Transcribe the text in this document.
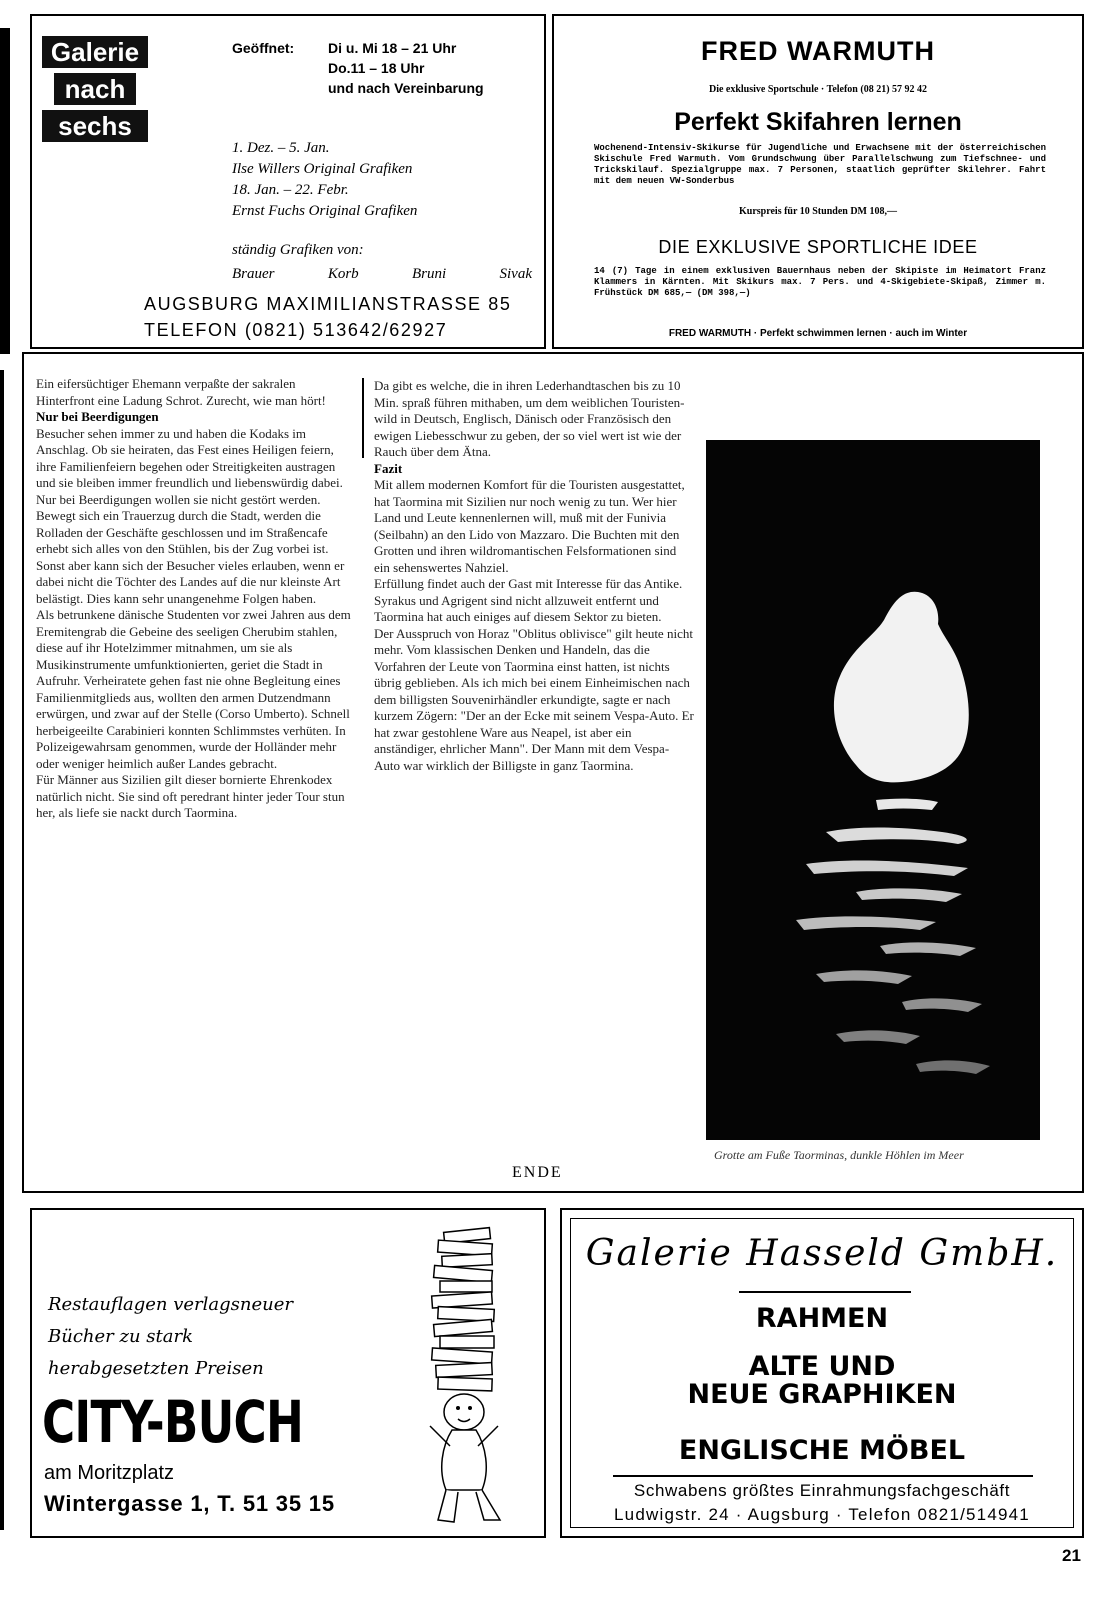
Galerie
nach
sechs
Geöffnet:	Di u. Mi 18 – 21 Uhr
Do.11 – 18 Uhr
und nach Vereinbarung
1. Dez. – 5. Jan.
Ilse Willers Original Grafiken
18. Jan. – 22. Febr.
Ernst Fuchs Original Grafiken
ständig Grafiken von:
Brauer	Korb	Bruni	Sivak
AUGSBURG MAXIMILIANSTRASSE 85
TELEFON (0821) 513642/62927
FRED WARMUTH
Die exklusive Sportschule · Telefon (08 21) 57 92 42
Perfekt Skifahren lernen
Wochenend-Intensiv-Skikurse für Jugendliche und Erwachsene mit der österreichischen Skischule Fred Warmuth. Vom Grundschwung über Parallelschwung zum Tiefschnee- und Trickskilauf. Spezialgruppe max. 7 Personen, staatlich geprüfter Skilehrer. Fahrt mit dem neuen VW-Sonderbus
Kurspreis für 10 Stunden DM 108,—
DIE EXKLUSIVE SPORTLICHE IDEE
14 (7) Tage in einem exklusiven Bauernhaus neben der Skipiste im Heimatort Franz Klammers in Kärnten. Mit Skikurs max. 7 Pers. und 4-Skigebiete-Skipaß, Zimmer m. Frühstück DM 685,— (DM 398,—)
FRED WARMUTH · Perfekt schwimmen lernen · auch im Winter

Ein eifersüchtiger Ehemann verpaßte der sakralen Hinterfront eine Ladung Schrot. Zurecht, wie man hört!

Nur bei Beerdigungen

Besucher sehen immer zu und haben die Kodaks im Anschlag. Ob sie heiraten, das Fest eines Heiligen feiern, ihre Familienfeiern begehen oder Streitigkeiten austragen und sie bleiben immer freundlich und liebenswürdig dabei. Nur bei Beerdigungen wollen sie nicht gestört werden. Bewegt sich ein Trauerzug durch die Stadt, werden die Rolladen der Geschäfte geschlossen und im Straßencafe erhebt sich alles von den Stühlen, bis der Zug vorbei ist. Sonst aber kann sich der Besucher vieles erlauben, wenn er dabei nicht die Töchter des Landes auf die nur kleinste Art belästigt. Dies kann sehr unangenehme Folgen haben.

Als betrunkene dänische Studenten vor zwei Jahren aus dem Eremitengrab die Gebeine des seeligen Cherubim stahlen, diese auf ihr Hotelzimmer mitnahmen, um sie als Musikinstrumente umfunktionierten, geriet die Stadt in Aufruhr. Verheiratete gehen fast nie ohne Begleitung eines Familienmitglieds aus, wollten den armen Dutzendmann erwürgen, und zwar auf der Stelle (Corso Umberto). Schnell herbeigeeilte Carabinieri konnten Schlimmstes verhüten. In Polizeigewahrsam genommen, wurde der Holländer mehr oder weniger heimlich außer Landes gebracht.

Für Männer aus Sizilien gilt dieser bornierte Ehrenkodex natürlich nicht. Sie sind oft peredrant hinter jeder Tour stun her, als liefe sie nackt durch Taormina.

Da gibt es welche, die in ihren Lederhandtaschen bis zu 10 Min. spraß führen mithaben, um dem weiblichen Touristen-wild in Deutsch, Englisch, Dänisch oder Französisch den ewigen Liebesschwur zu geben, der so viel wert ist wie der Rauch über dem Ätna.

Fazit

Mit allem modernen Komfort für die Touristen ausgestattet, hat Taormina mit Sizilien nur noch wenig zu tun. Wer hier Land und Leute kennenlernen will, muß mit der Funivia (Seilbahn) an den Lido von Mazzaro. Die Buchten mit den Grotten und ihren wildromantischen Felsformationen sind ein sehenswertes Nahziel.

Erfüllung findet auch der Gast mit Interesse für das Antike. Syrakus und Agrigent sind nicht allzuweit entfernt und Taormina hat auch einiges auf diesem Sektor zu bieten.

Der Ausspruch von Horaz "Oblitus oblivisce" gilt heute nicht mehr. Vom klassischen Denken und Handeln, das die Vorfahren der Leute von Taormina einst hatten, ist nichts übrig geblieben. Als ich mich bei einem Einheimischen nach dem billigsten Souvenirhändler erkundigte, sagte er nach kurzem Zögern: "Der an der Ecke mit seinem Vespa-Auto. Er hat zwar gestohlene Ware aus Neapel, ist aber ein anständiger, ehrlicher Mann". Der Mann mit dem Vespa-Auto war wirklich der Billigste in ganz Taormina.

ENDE
Grotte am Fuße Taorminas, dunkle Höhlen im Meer
Restauflagen verlagsneuer
Bücher zu stark
herabgesetzten Preisen
CITY-BUCH
am Moritzplatz
Wintergasse 1, T. 51 35 15
Galerie Hasseld GmbH.
RAHMEN
ALTE UND
NEUE GRAPHIKEN
ENGLISCHE MÖBEL
Schwabens größtes Einrahmungsfachgeschäft
Ludwigstr. 24 · Augsburg · Telefon 0821/514941
21
